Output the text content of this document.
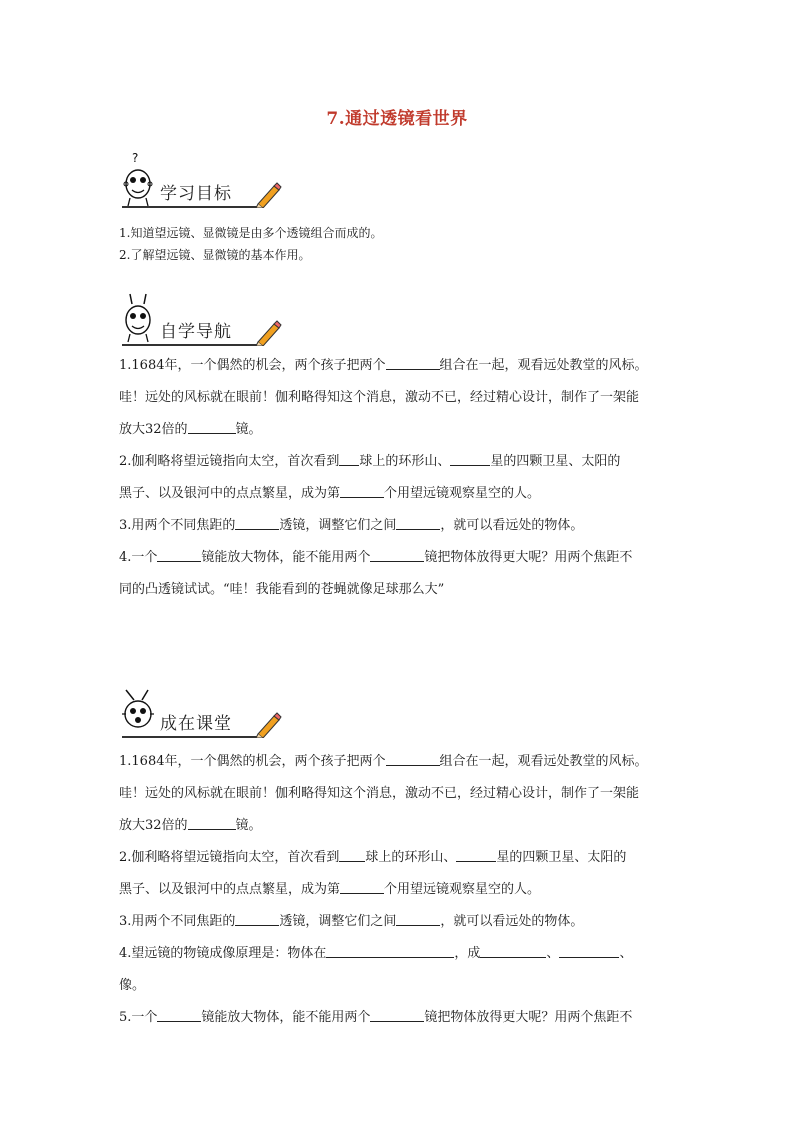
7.通过透镜看世界
?
学习目标
1.知道望远镜、显微镜是由多个透镜组合而成的。
2.了解望远镜、显微镜的基本作用。
自学导航
1.1684年，一个偶然的机会，两个孩子把两个	组合在一起，观看远处教堂的风标。
哇！远处的风标就在眼前！伽利略得知这个消息，激动不已，经过精心设计，制作了一架能
放大32倍的	镜。
2.伽利略将望远镜指向太空，首次看到 球上的环形山、	星的四颗卫星、太阳的
黑子、以及银河中的点点繁星，成为第	个用望远镜观察星空的人。
3.用两个不同焦距的	透镜，调整它们之间	，就可以看远处的物体。
4.一个	镜能放大物体，能不能用两个	镜把物体放得更大呢？用两个焦距不
同的凸透镜试试。“哇！我能看到的苍蝇就像足球那么大”
成在课堂
1.1684年，一个偶然的机会，两个孩子把两个	组合在一起，观看远处教堂的风标。
哇！远处的风标就在眼前！伽利略得知这个消息，激动不已，经过精心设计，制作了一架能
放大32倍的	镜。
2.伽利略将望远镜指向太空，首次看到 球上的环形山、	星的四颗卫星、太阳的
黑子、以及银河中的点点繁星，成为第	个用望远镜观察星空的人。
3.用两个不同焦距的	透镜，调整它们之间	，就可以看远处的物体。
4.望远镜的物镜成像原理是：物体在	，成	、	、
像。
5.一个	镜能放大物体，能不能用两个	镜把物体放得更大呢？用两个焦距不
